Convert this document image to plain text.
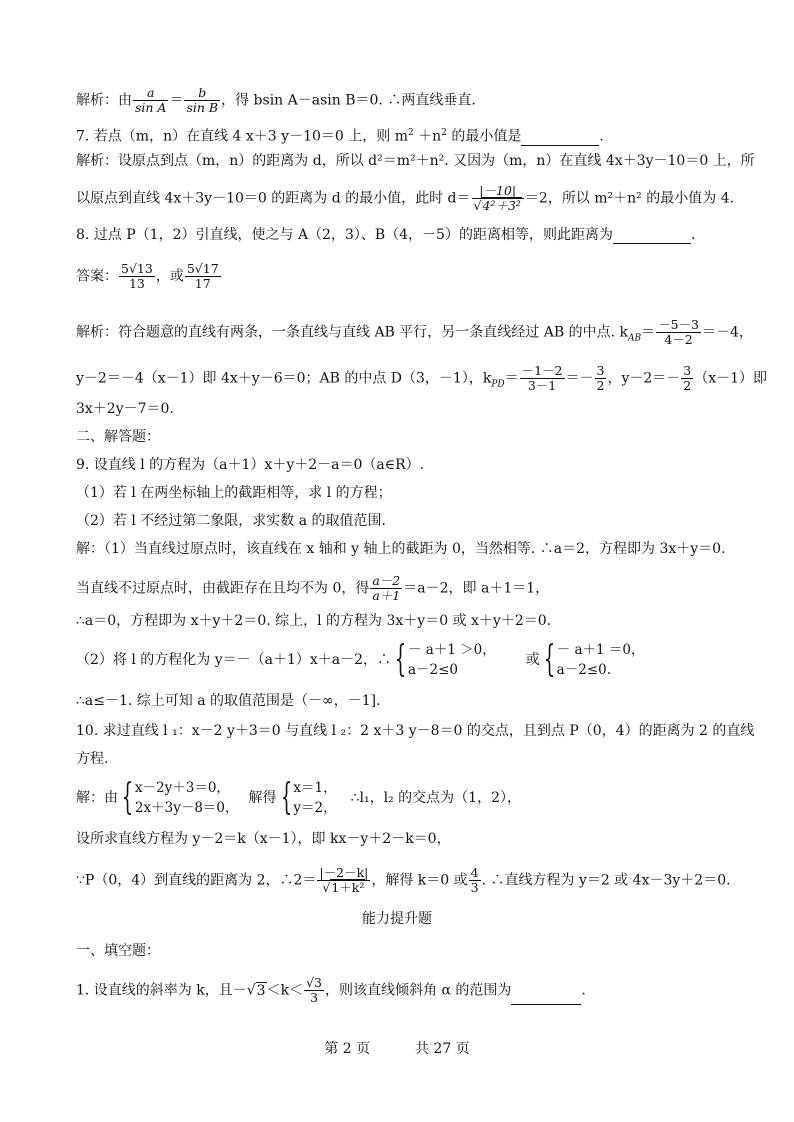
解析：由 $\frac{a}{\text{sin A}} = \frac{b}{\text{sin B}}$ ，得 bsin A－asin B＝0. ∴两直线垂直.
7. 若点（m，n）在直线 4 x＋3 y－10＝0 上，则 $m^2 +n^2$ 的最小值是	.
解析：设原点到点（m，n）的距离为 d，所以 d²＝m²＋n². 又因为（m，n）在直线 4x＋3y－10＝0 上，所
以原点到直线 4x＋3y－10＝0 的距离为 d 的最小值，此时 $d= \frac{|-10|}{\text{√4²＋3²}} =2$，所以 m²＋n² 的最小值为 4.
8. 过点 P（1，2）引直线，使之与 A（2，3）、B（4，－5）的距离相等，则此距离为	.
答案： $\frac{5√13}{13}$ ，或 $\frac{5√17}{17}$
解析：符合题意的直线有两条，一条直线与直线 AB 平行，另一条直线经过 AB 的中点. $k_{AB}= \frac{-5-3}{4-2} =-4$，
y－2＝－4（x－1）即 4x＋y－6＝0；AB 的中点 D（3，－1），$k_{PD}= \frac{-1-2}{3-1} =- \frac{3}{2}$ ，$y-2=- \frac{3}{2} (x-1)$即
3x＋2y－7＝0.
二、解答题：
9. 设直线 l 的方程为（a＋1）x＋y＋2－a＝0（a∈R）.
（1）若 l 在两坐标轴上的截距相等，求 l 的方程；
（2）若 l 不经过第二象限，求实数 a 的取值范围.
解：（1）当直线过原点时，该直线在 x 轴和 y 轴上的截距为 0，当然相等. ∴a＝2，方程即为 3x＋y＝0.
当直线不过原点时，由截距存在且均不为 0，得 $\frac{a-2}{a+1} =a-2$，即 a＋1＝1，
∴a＝0，方程即为 x＋y＋2＝0. 综上，l 的方程为 3x＋y＝0 或 x＋y＋2＝0.
（2）将 l 的方程化为 y＝－（a＋1）x＋a－2，∴ { － a＋1 ＞0，
a－2≤0
或 { － a＋1 ＝0，
a－2≤0.
∴a≤－1. 综上可知 a 的取值范围是（－∞，－1].
10. 求过直线 l ₁：x－2 y＋3＝0 与直线 l ₂：2 x＋3 y－8＝0 的交点，且到点 P（0，4）的距离为 2 的直线
方程.
解：由 { x－2y＋3＝0，
2x＋3y－8＝0，
解得 { x＝1，
y＝2，
∴l₁，l₂ 的交点为（1，2），
设所求直线方程为 y－2＝k（x－1），即 kx－y＋2－k＝0，
∵P（0，4）到直线的距离为 2，∴2＝ $\frac{|-2-k|}{\text{√1＋k²}}$ ，解得 k＝0 或 $\frac{4}{3}$ . ∴直线方程为 y＝2 或 4x－3y＋2＝0.
能力提升题
一、填空题：
1. 设直线的斜率为 k，且$-√3<k< \frac{√3}{3}$ ，则该直线倾斜角 α 的范围为	.
第 2 页	共 27 页
